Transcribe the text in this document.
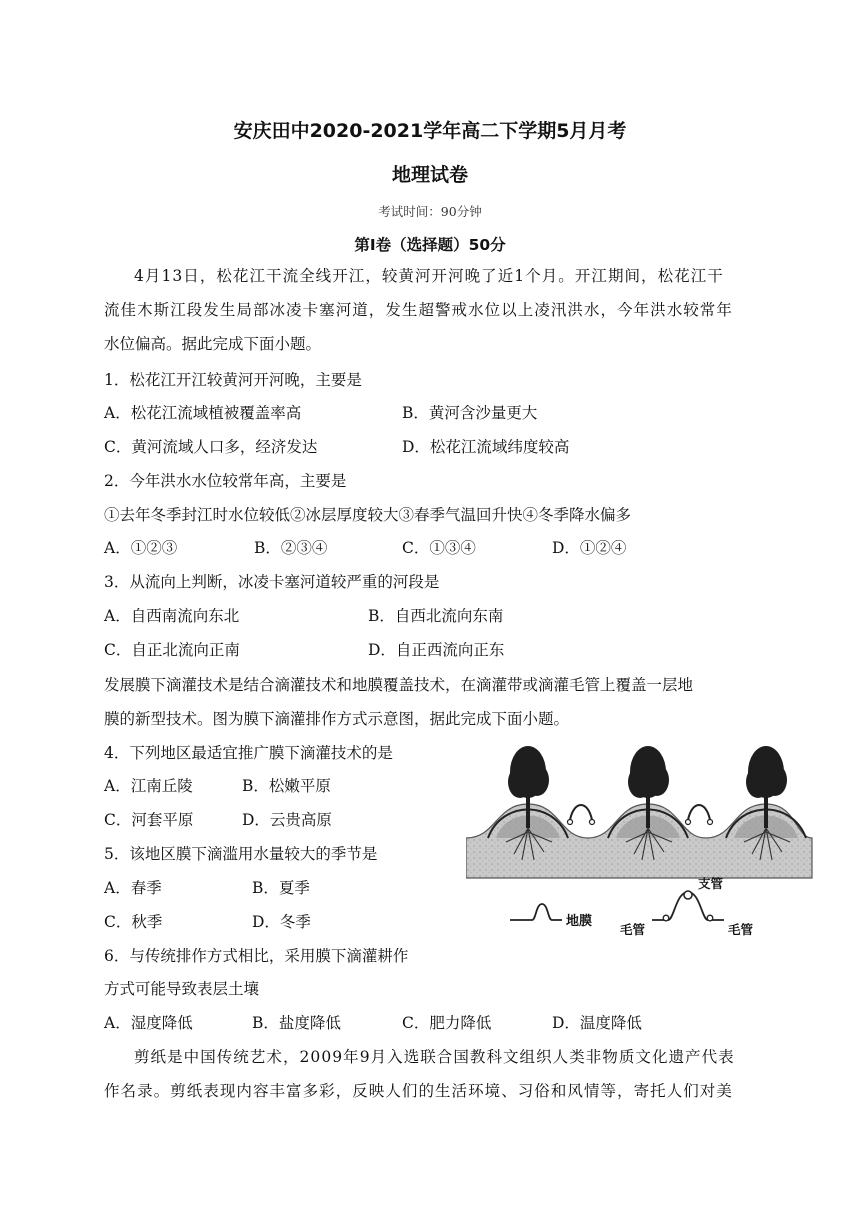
安庆田中2020-2021学年高二下学期5月月考
地理试卷
考试时间：90分钟
第Ⅰ卷（选择题）50分
4月13日，松花江干流全线开江，较黄河开河晚了近1个月。开江期间，松花江干
流佳木斯江段发生局部冰凌卡塞河道，发生超警戒水位以上凌汛洪水，今年洪水较常年
水位偏高。据此完成下面小题。
1．松花江开江较黄河开河晚，主要是
A．松花江流域植被覆盖率高	B．黄河含沙量更大
C．黄河流域人口多，经济发达	D．松花江流域纬度较高
2．今年洪水水位较常年高，主要是
①去年冬季封江时水位较低②冰层厚度较大③春季气温回升快④冬季降水偏多
A．①②③	B．②③④	C．①③④	D．①②④
3．从流向上判断，冰凌卡塞河道较严重的河段是
A．自西南流向东北	B．自西北流向东南
C．自正北流向正南	D．自正西流向正东
发展膜下滴灌技术是结合滴灌技术和地膜覆盖技术，在滴灌带或滴灌毛管上覆盖一层地
膜的新型技术。图为膜下滴灌排作方式示意图，据此完成下面小题。
4．下列地区最适宜推广膜下滴灌技术的是
A．江南丘陵	B．松嫩平原
C．河套平原	D．云贵高原
5．该地区膜下滴滥用水量较大的季节是
A．春季	B．夏季
C．秋季	D．冬季
6．与传统排作方式相比，采用膜下滴灌耕作
方式可能导致表层土壤
A．湿度降低	B．盐度降低	C．肥力降低	D．温度降低
剪纸是中国传统艺术，2009年9月入选联合国教科文组织人类非物质文化遗产代表
作名录。剪纸表现内容丰富多彩，反映人们的生活环境、习俗和风情等，寄托人们对美
地膜
支管
毛管	毛管
